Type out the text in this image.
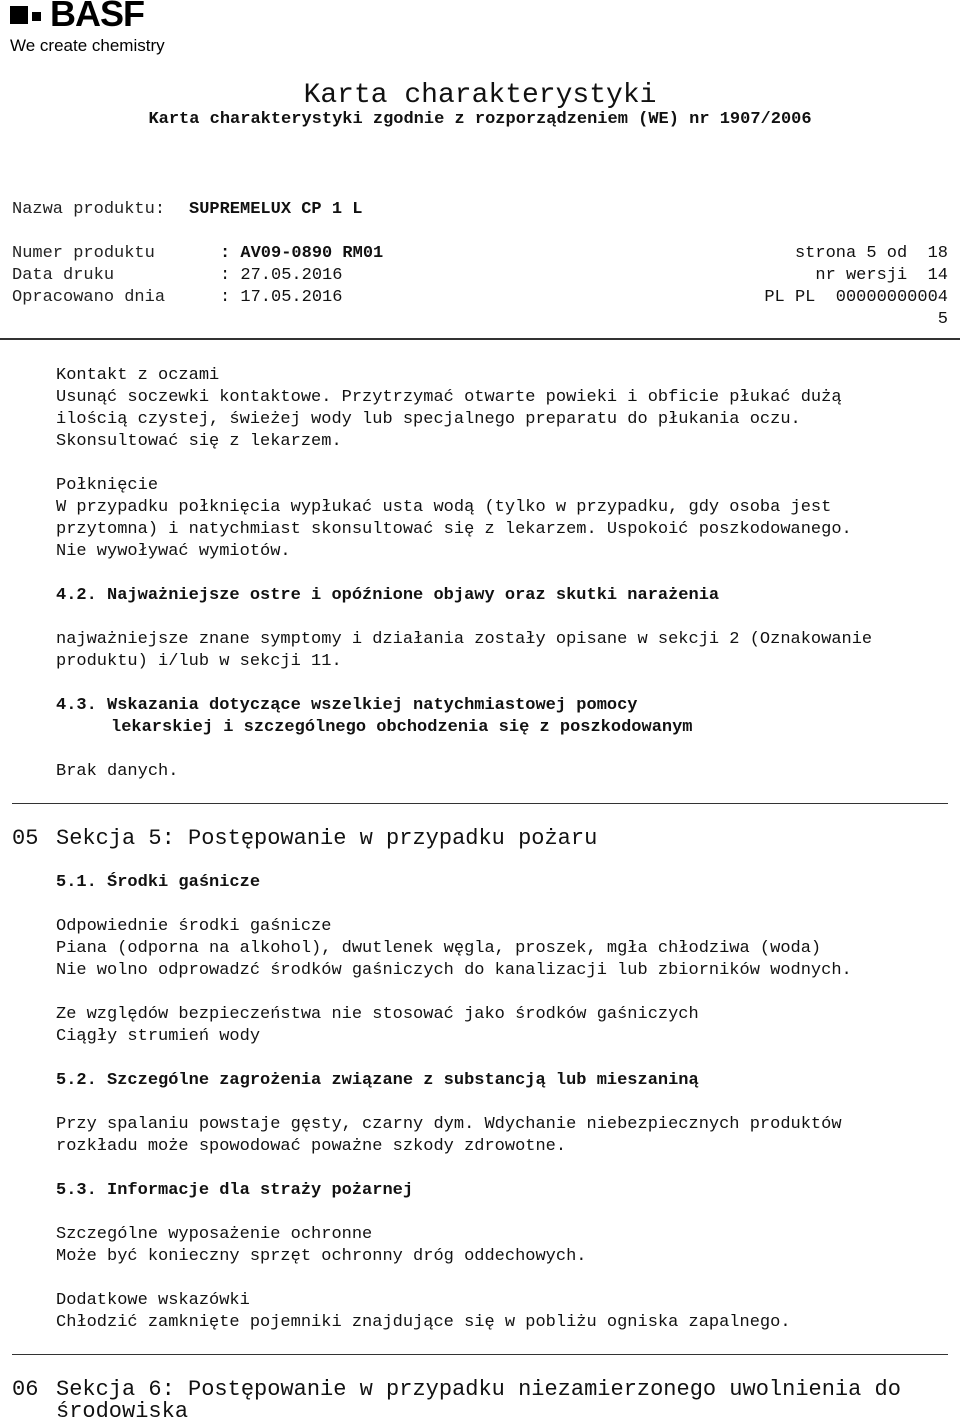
BASF

We create chemistry

Karta charakterystyki
Karta charakterystyki zgodnie z rozporządzeniem (WE) nr 1907/2006
Nazwa produktu: SUPREMELUX CP 1 L
Numer produktu	: AV09-0890 RM01	strona 5 od  18
Data druku	: 27.05.2016	nr wersji  14
Opracowano dnia	: 17.05.2016	PL PL  00000000004
5
Kontakt z oczami
Usunąć soczewki kontaktowe. Przytrzymać otwarte powieki i obficie płukać dużą
ilością czystej, świeżej wody lub specjalnego preparatu do płukania oczu.
Skonsultować się z lekarzem.
Połknięcie
W przypadku połknięcia wypłukać usta wodą (tylko w przypadku, gdy osoba jest
przytomna) i natychmiast skonsultować się z lekarzem. Uspokoić poszkodowanego.
Nie wywoływać wymiotów.
4.2. Najważniejsze ostre i opóźnione objawy oraz skutki narażenia
najważniejsze znane symptomy i działania zostały opisane w sekcji 2 (Oznakowanie
produktu) i/lub w sekcji 11.
4.3. Wskazania dotyczące wszelkiej natychmiastowej pomocy
lekarskiej i szczególnego obchodzenia się z poszkodowanym
Brak danych.
05 Sekcja 5: Postępowanie w przypadku pożaru
5.1. Środki gaśnicze
Odpowiednie środki gaśnicze
Piana (odporna na alkohol), dwutlenek węgla, proszek, mgła chłodziwa (woda)
Nie wolno odprowadzć środków gaśniczych do kanalizacji lub zbiorników wodnych.
Ze względów bezpieczeństwa nie stosować jako środków gaśniczych
Ciągły strumień wody
5.2. Szczególne zagrożenia związane z substancją lub mieszaniną
Przy spalaniu powstaje gęsty, czarny dym. Wdychanie niebezpiecznych produktów
rozkładu może spowodować poważne szkody zdrowotne.
5.3. Informacje dla straży pożarnej
Szczególne wyposażenie ochronne
Może być konieczny sprzęt ochronny dróg oddechowych.
Dodatkowe wskazówki
Chłodzić zamknięte pojemniki znajdujące się w pobliżu ogniska zapalnego.
06 Sekcja 6: Postępowanie w przypadku niezamierzonego uwolnienia do
środowiska
